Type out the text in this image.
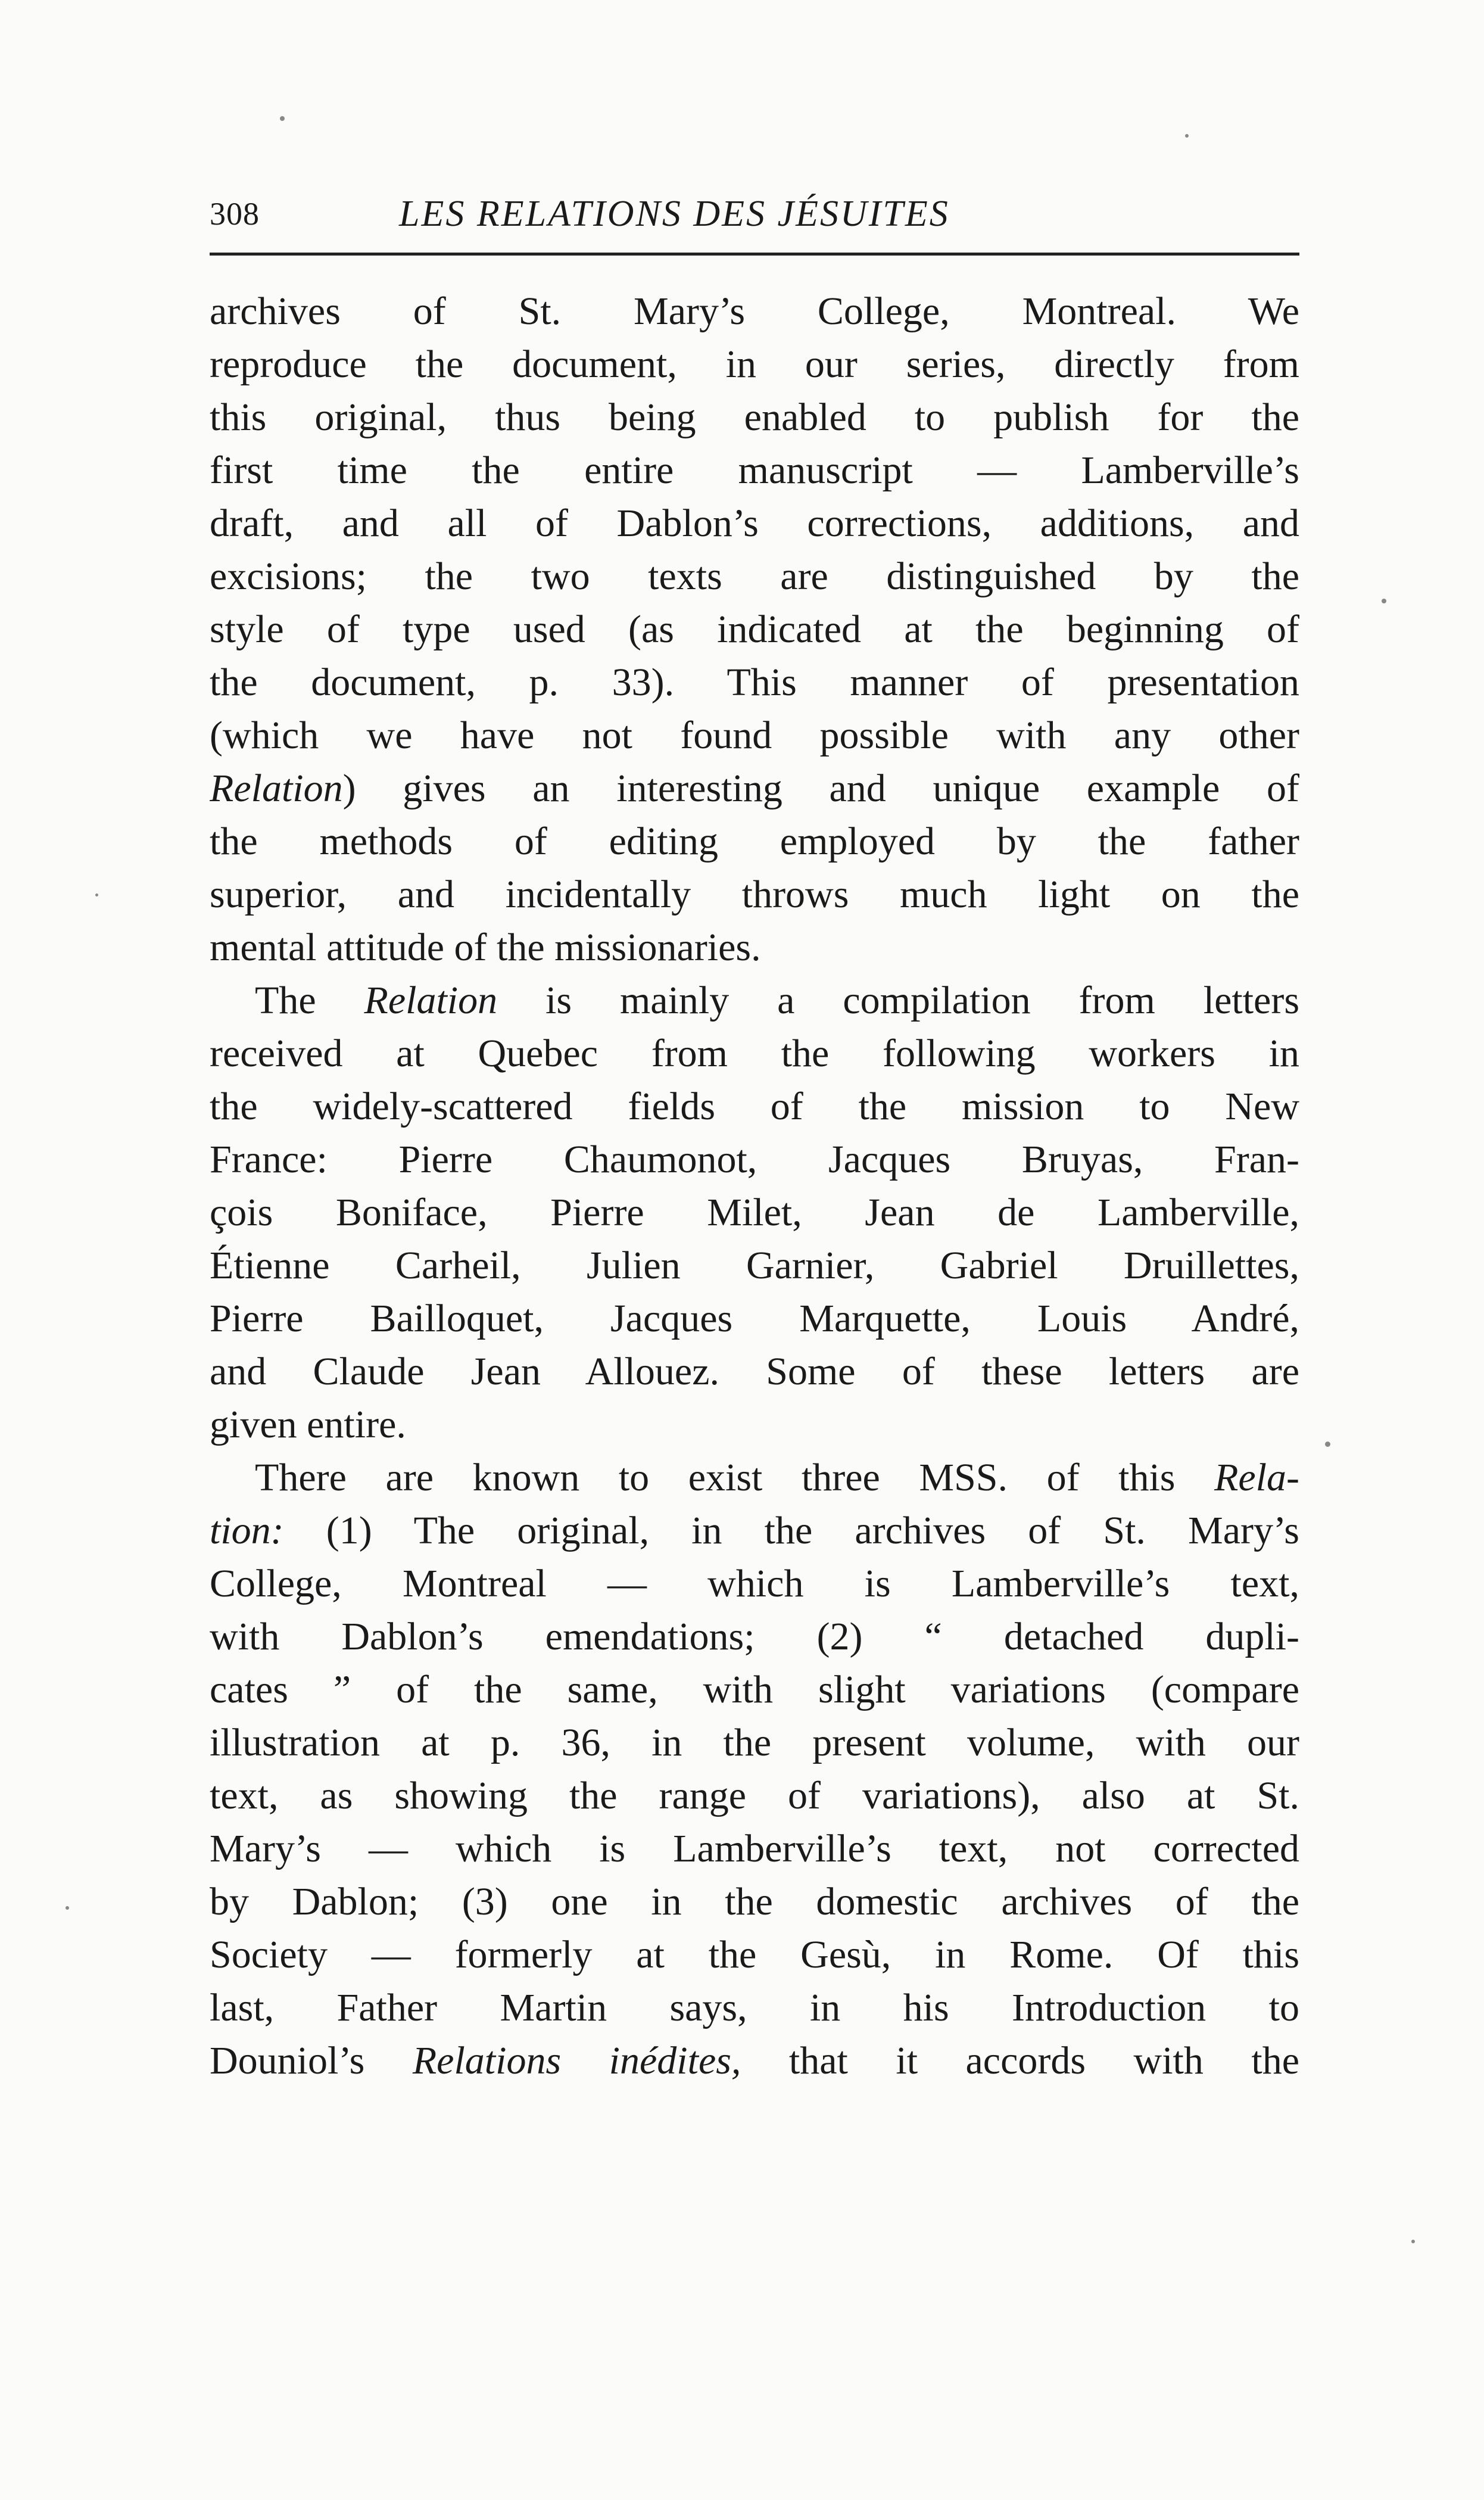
308	LES RELATIONS DES JÉSUITES
archives of St. Mary’s College, Montreal. We
reproduce the document, in our series, directly from
this original, thus being enabled to publish for the
first time the entire manuscript — Lamberville’s
draft, and all of Dablon’s corrections, additions, and
excisions; the two texts are distinguished by the
style of type used (as indicated at the beginning of
the document, p. 33). This manner of presentation
(which we have not found possible with any other
Relation) gives an interesting and unique example of
the methods of editing employed by the father
superior, and incidentally throws much light on the
mental attitude of the missionaries.
The Relation is mainly a compilation from letters
received at Quebec from the following workers in
the widely-scattered fields of the mission to New
France: Pierre Chaumonot, Jacques Bruyas, Fran-
çois Boniface, Pierre Milet, Jean de Lamberville,
Étienne Carheil, Julien Garnier, Gabriel Druillettes,
Pierre Bailloquet, Jacques Marquette, Louis André,
and Claude Jean Allouez. Some of these letters are
given entire.
There are known to exist three MSS. of this Rela-
tion: (1) The original, in the archives of St. Mary’s
College, Montreal — which is Lamberville’s text,
with Dablon’s emendations; (2) “ detached dupli-
cates ” of the same, with slight variations (compare
illustration at p. 36, in the present volume, with our
text, as showing the range of variations), also at St.
Mary’s — which is Lamberville’s text, not corrected
by Dablon; (3) one in the domestic archives of the
Society — formerly at the Gesù, in Rome. Of this
last, Father Martin says, in his Introduction to
Douniol’s Relations inédites, that it accords with the
